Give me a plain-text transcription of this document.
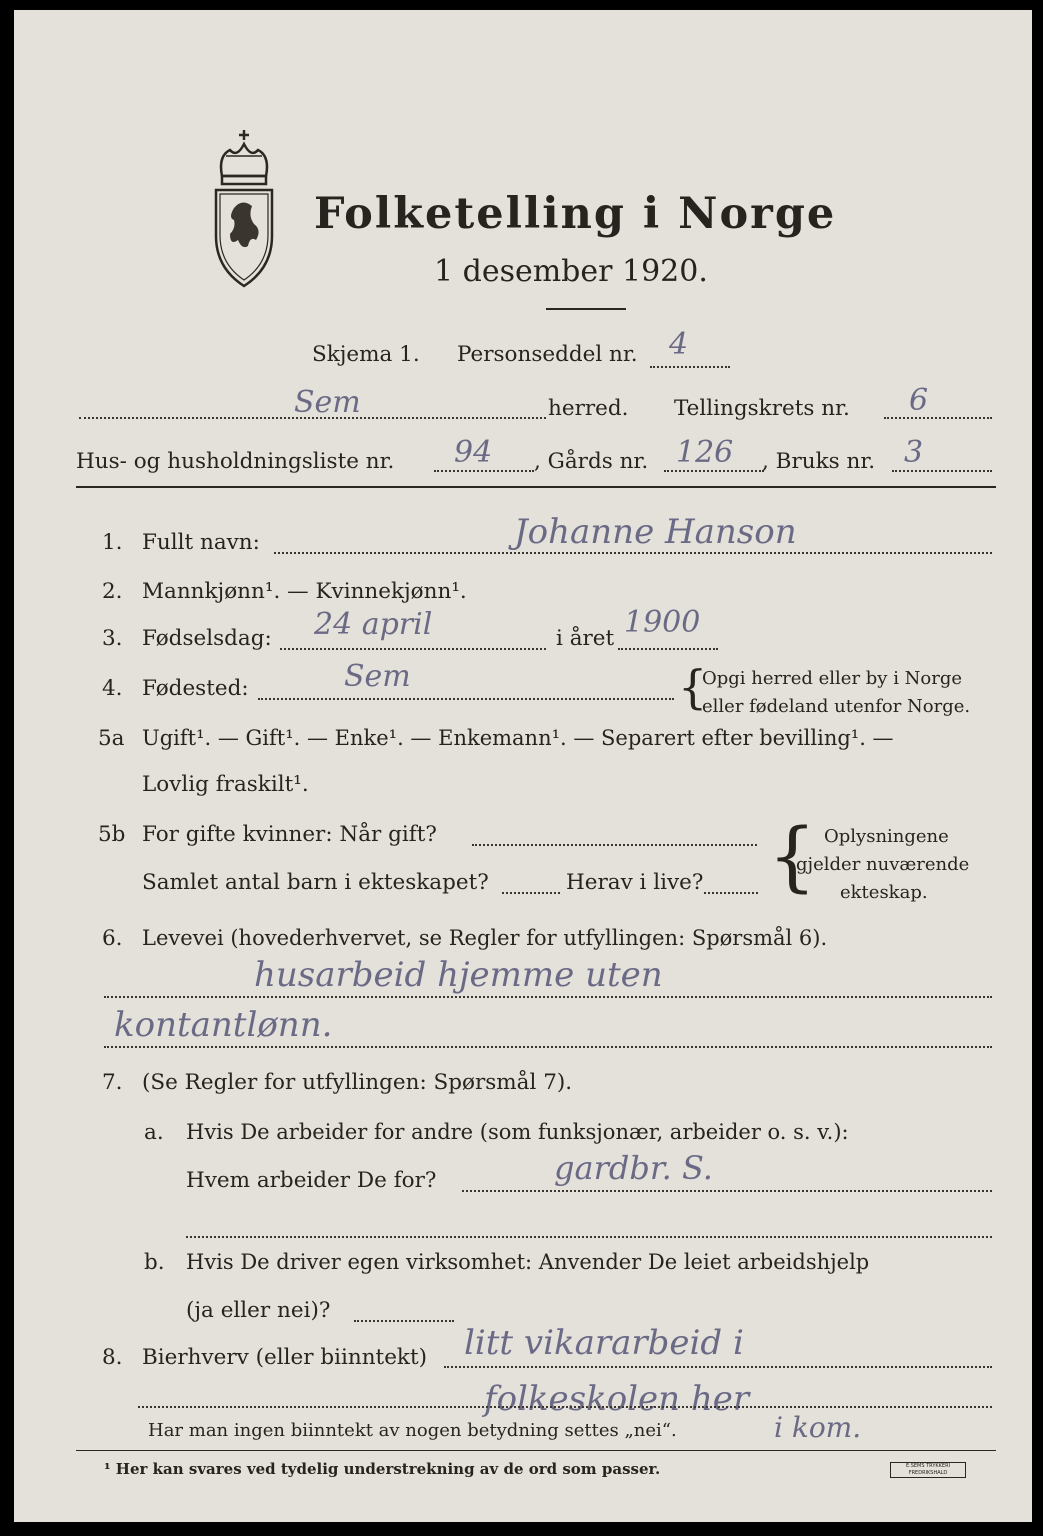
Folketelling i Norge
1 desember 1920.
Skjema 1. Personseddel nr. 4
Sem	herred. Tellingskrets nr. 6
Hus- og husholdningsliste nr. 94 , Gårds nr. 126 , Bruks nr. 3
1. Fullt navn:	Johanne Hanson
2. Mannkjønn¹. — Kvinnekjønn¹.
3. Fødselsdag: 24 april	i året 1900
4. Fødested:	Sem	{
Opgi herred eller by i Norge
eller fødeland utenfor Norge.
5a Ugift¹. — Gift¹. — Enke¹. — Enkemann¹. — Separert efter bevilling¹. —
Lovlig fraskilt¹.
5b For gifte kvinner: Når gift?
Samlet antal barn i ekteskapet?	Herav i live? { Oplysningene
gjelder nuværende
ekteskap.
6. Levevei (hovederhvervet, se Regler for utfyllingen: Spørsmål 6).
husarbeid hjemme uten
kontantlønn.
7. (Se Regler for utfyllingen: Spørsmål 7).
a. Hvis De arbeider for andre (som funksjonær, arbeider o. s. v.):
Hvem arbeider De for?	gardbr. S.
b. Hvis De driver egen virksomhet: Anvender De leiet arbeidshjelp
(ja eller nei)?
8. Bierhverv (eller biinntekt) litt vikararbeid i
folkeskolen her
Har man ingen biinntekt av nogen betydning settes „nei“.	i kom.
¹ Her kan svares ved tydelig understrekning av de ord som passer.	E.SEMS TRYKKERI FREDRIKSHALD
